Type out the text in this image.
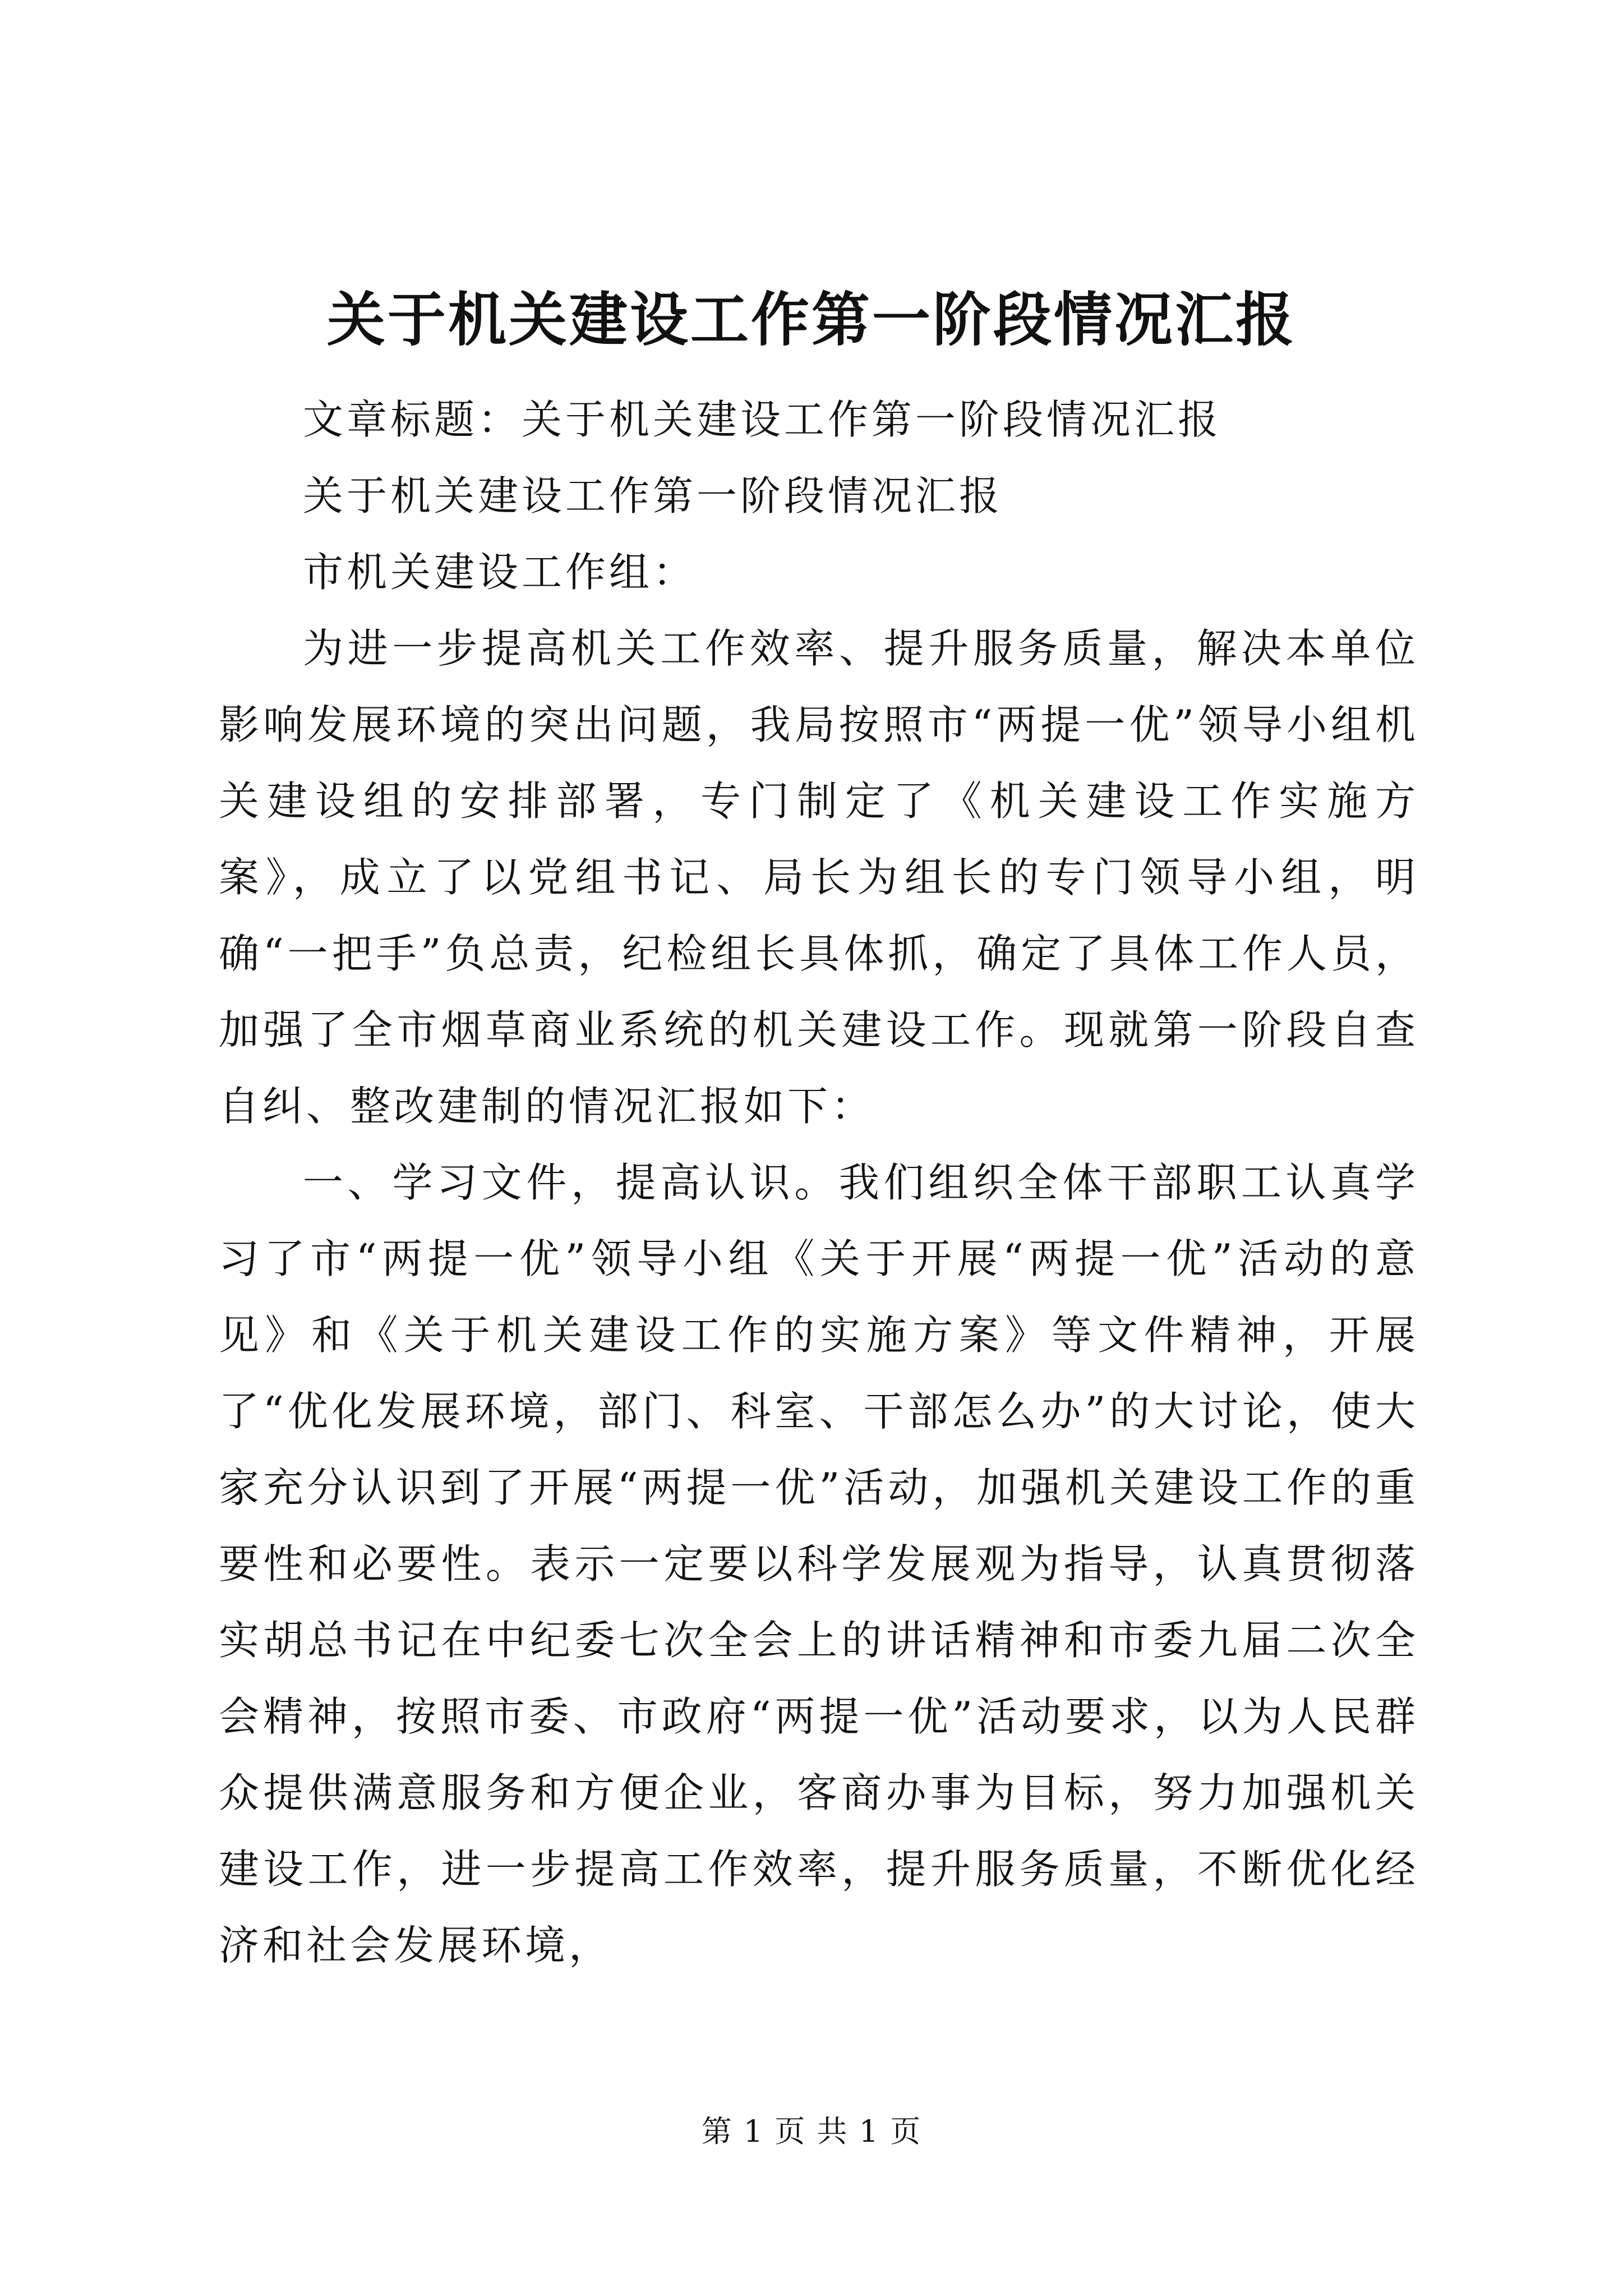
关于机关建设工作第一阶段情况汇报

文章标题：关于机关建设工作第一阶段情况汇报

关于机关建设工作第一阶段情况汇报

市机关建设工作组：

为进一步提高机关工作效率、提升服务质量，解决本单位影响发展环境的突出问题，我局按照市“两提一优”领导小组机关建设组的安排部署，专门制定了《机关建设工作实施方案》，成立了以党组书记、局长为组长的专门领导小组，明确“一把手”负总责，纪检组长具体抓，确定了具体工作人员，加强了全市烟草商业系统的机关建设工作。现就第一阶段自查自纠、整改建制的情况汇报如下：

一、学习文件，提高认识。我们组织全体干部职工认真学习了市“两提一优”领导小组《关于开展“两提一优”活动的意见》和《关于机关建设工作的实施方案》等文件精神，开展了“优化发展环境，部门、科室、干部怎么办”的大讨论，使大家充分认识到了开展“两提一优”活动，加强机关建设工作的重要性和必要性。表示一定要以科学发展观为指导，认真贯彻落实胡总书记在中纪委七次全会上的讲话精神和市委九届二次全会精神，按照市委、市政府“两提一优”活动要求，以为人民群众提供满意服务和方便企业，客商办事为目标，努力加强机关建设工作，进一步提高工作效率，提升服务质量，不断优化经济和社会发展环境，

第 1 页 共 1 页
